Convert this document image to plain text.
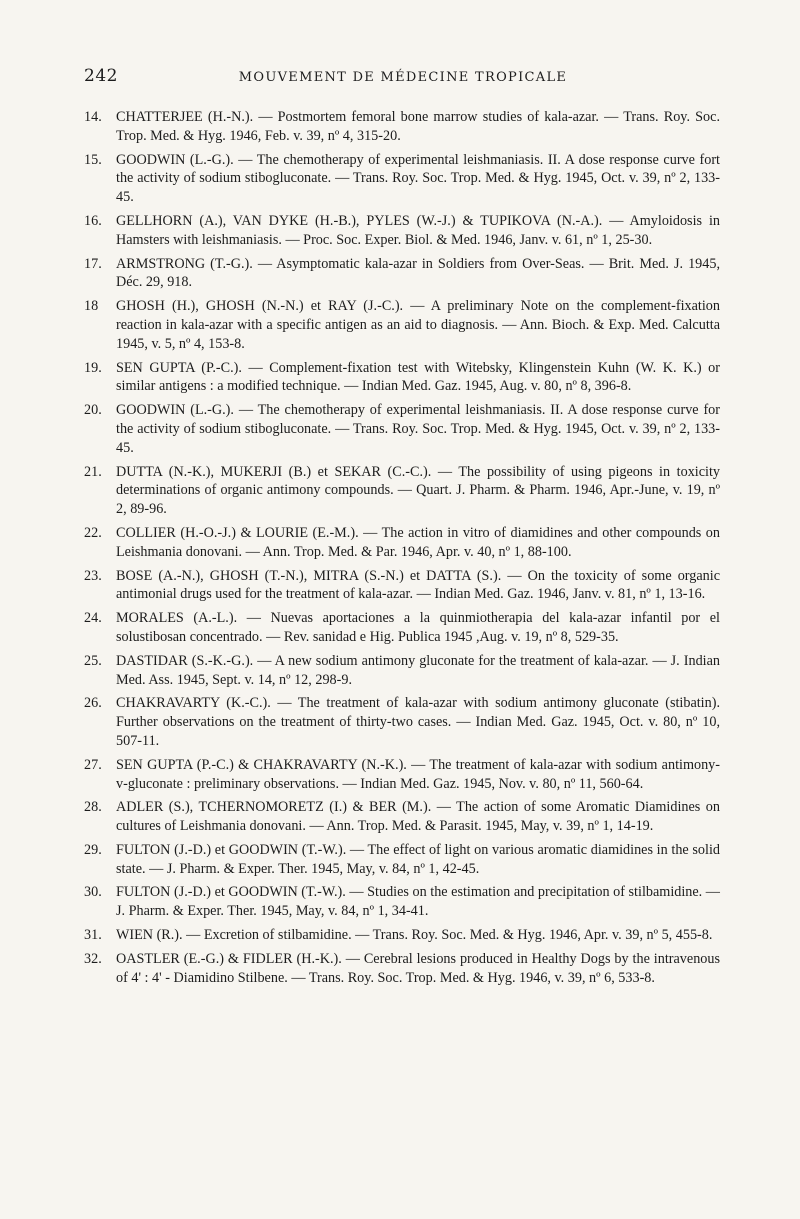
242	MOUVEMENT DE MÉDECINE TROPICALE
14. CHATTERJEE (H.-N.). — Postmortem femoral bone marrow studies of kala-azar. — Trans. Roy. Soc. Trop. Med. & Hyg. 1946, Feb. v. 39, nº 4, 315-20.
15. GOODWIN (L.-G.). — The chemotherapy of experimental leishmaniasis. II. A dose response curve fort the activity of sodium stibogluconate. — Trans. Roy. Soc. Trop. Med. & Hyg. 1945, Oct. v. 39, nº 2, 133-45.
16. GELLHORN (A.), VAN DYKE (H.-B.), PYLES (W.-J.) & TUPIKOVA (N.-A.). — Amyloidosis in Hamsters with leishmaniasis. — Proc. Soc. Exper. Biol. & Med. 1946, Janv. v. 61, nº 1, 25-30.
17. ARMSTRONG (T.-G.). — Asymptomatic kala-azar in Soldiers from Over-Seas. — Brit. Med. J. 1945, Déc. 29, 918.
18 GHOSH (H.), GHOSH (N.-N.) et RAY (J.-C.). — A preliminary Note on the complement-fixation reaction in kala-azar with a specific antigen as an aid to diagnosis. — Ann. Bioch. & Exp. Med. Calcutta 1945, v. 5, nº 4, 153-8.
19. SEN GUPTA (P.-C.). — Complement-fixation test with Witebsky, Klingenstein Kuhn (W. K. K.) or similar antigens : a modified technique. — Indian Med. Gaz. 1945, Aug. v. 80, nº 8, 396-8.
20. GOODWIN (L.-G.). — The chemotherapy of experimental leishmaniasis. II. A dose response curve for the activity of sodium stibogluconate. — Trans. Roy. Soc. Trop. Med. & Hyg. 1945, Oct. v. 39, nº 2, 133-45.
21. DUTTA (N.-K.), MUKERJI (B.) et SEKAR (C.-C.). — The possibility of using pigeons in toxicity determinations of organic antimony compounds. — Quart. J. Pharm. & Pharm. 1946, Apr.-June, v. 19, nº 2, 89-96.
22. COLLIER (H.-O.-J.) & LOURIE (E.-M.). — The action in vitro of diamidines and other compounds on Leishmania donovani. — Ann. Trop. Med. & Par. 1946, Apr. v. 40, nº 1, 88-100.
23. BOSE (A.-N.), GHOSH (T.-N.), MITRA (S.-N.) et DATTA (S.). — On the toxicity of some organic antimonial drugs used for the treatment of kala-azar. — Indian Med. Gaz. 1946, Janv. v. 81, nº 1, 13-16.
24. MORALES (A.-L.). — Nuevas aportaciones a la quinmiotherapia del kala-azar infantil por el solustibosan concentrado. — Rev. sanidad e Hig. Publica 1945 ,Aug. v. 19, nº 8, 529-35.
25. DASTIDAR (S.-K.-G.). — A new sodium antimony gluconate for the treatment of kala-azar. — J. Indian Med. Ass. 1945, Sept. v. 14, nº 12, 298-9.
26. CHAKRAVARTY (K.-C.). — The treatment of kala-azar with sodium antimony gluconate (stibatin). Further observations on the treatment of thirty-two cases. — Indian Med. Gaz. 1945, Oct. v. 80, nº 10, 507-11.
27. SEN GUPTA (P.-C.) & CHAKRAVARTY (N.-K.). — The treatment of kala-azar with sodium antimony-v-gluconate : preliminary observations. — Indian Med. Gaz. 1945, Nov. v. 80, nº 11, 560-64.
28. ADLER (S.), TCHERNOMORETZ (I.) & BER (M.). — The action of some Aromatic Diamidines on cultures of Leishmania donovani. — Ann. Trop. Med. & Parasit. 1945, May, v. 39, nº 1, 14-19.
29. FULTON (J.-D.) et GOODWIN (T.-W.). — The effect of light on various aromatic diamidines in the solid state. — J. Pharm. & Exper. Ther. 1945, May, v. 84, nº 1, 42-45.
30. FULTON (J.-D.) et GOODWIN (T.-W.). — Studies on the estimation and precipitation of stilbamidine. — J. Pharm. & Exper. Ther. 1945, May, v. 84, nº 1, 34-41.
31. WIEN (R.). — Excretion of stilbamidine. — Trans. Roy. Soc. Med. & Hyg. 1946, Apr. v. 39, nº 5, 455-8.
32. OASTLER (E.-G.) & FIDLER (H.-K.). — Cerebral lesions produced in Healthy Dogs by the intravenous of 4' : 4' - Diamidino Stilbene. — Trans. Roy. Soc. Trop. Med. & Hyg. 1946, v. 39, nº 6, 533-8.
